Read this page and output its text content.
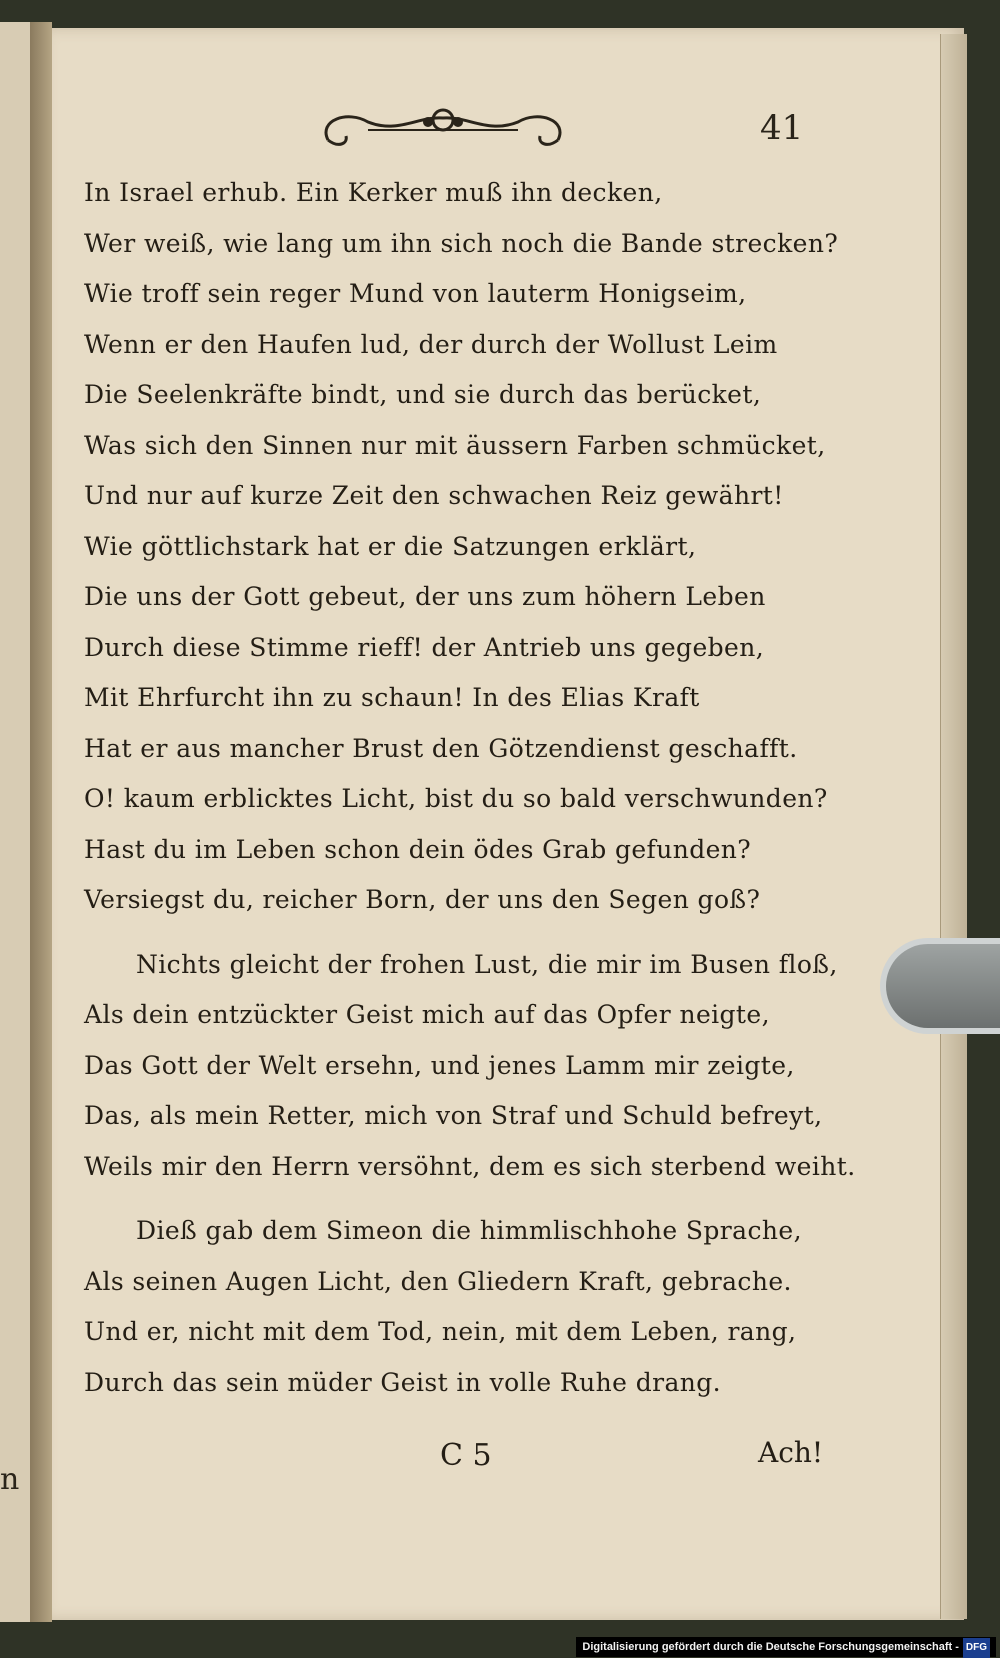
n
41
In Israel erhub. Ein Kerker muß ihn decken,
Wer weiß, wie lang um ihn sich noch die Bande strecken?
Wie troff sein reger Mund von lauterm Honigseim,
Wenn er den Haufen lud, der durch der Wollust Leim
Die Seelenkräfte bindt, und sie durch das berücket,
Was sich den Sinnen nur mit äussern Farben schmücket,
Und nur auf kurze Zeit den schwachen Reiz gewährt!
Wie göttlichstark hat er die Satzungen erklärt,
Die uns der Gott gebeut, der uns zum höhern Leben
Durch diese Stimme rieff! der Antrieb uns gegeben,
Mit Ehrfurcht ihn zu schaun! In des Elias Kraft
Hat er aus mancher Brust den Götzendienst geschafft.
O! kaum erblicktes Licht, bist du so bald verschwunden?
Hast du im Leben schon dein ödes Grab gefunden?
Versiegst du, reicher Born, der uns den Segen goß?
Nichts gleicht der frohen Lust, die mir im Busen floß,
Als dein entzückter Geist mich auf das Opfer neigte,
Das Gott der Welt ersehn, und jenes Lamm mir zeigte,
Das, als mein Retter, mich von Straf und Schuld befreyt,
Weils mir den Herrn versöhnt, dem es sich sterbend weiht.
Dieß gab dem Simeon die himmlischhohe Sprache,
Als seinen Augen Licht, den Gliedern Kraft, gebrache.
Und er, nicht mit dem Tod, nein, mit dem Leben, rang,
Durch das sein müder Geist in volle Ruhe drang.
C 5	Ach!
Digitalisierung gefördert durch die Deutsche Forschungsgemeinschaft - DFG
